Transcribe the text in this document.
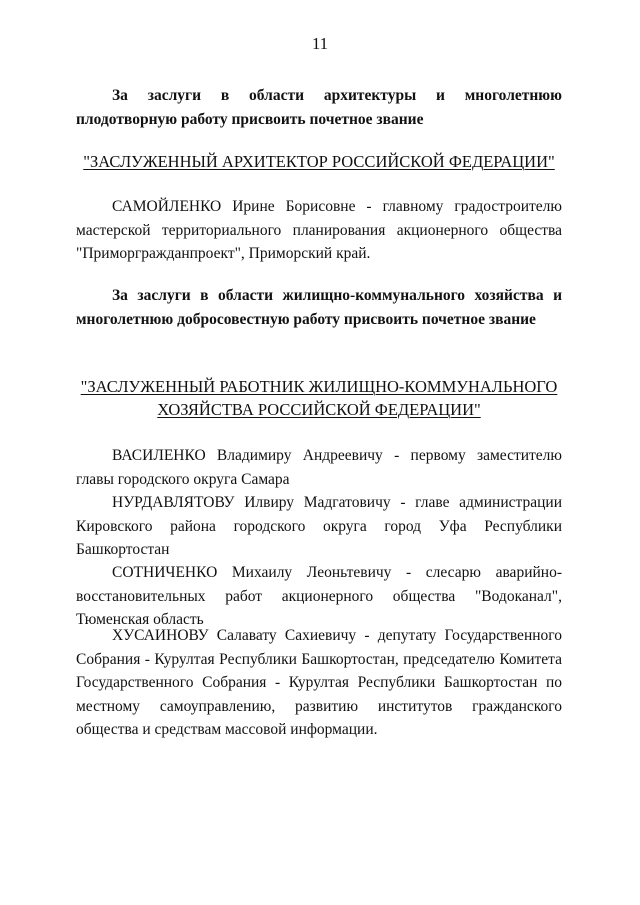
11

За заслуги в области архитектуры и многолетнюю плодотворную работу присвоить почетное звание

"ЗАСЛУЖЕННЫЙ АРХИТЕКТОР РОССИЙСКОЙ ФЕДЕРАЦИИ"

САМОЙЛЕНКО Ирине Борисовне - главному градостроителю мастерской территориального планирования акционерного общества "Приморгражданпроект", Приморский край.

За заслуги в области жилищно-коммунального хозяйства и многолетнюю добросовестную работу присвоить почетное звание

"ЗАСЛУЖЕННЫЙ РАБОТНИК ЖИЛИЩНО-КОММУНАЛЬНОГО
ХОЗЯЙСТВА РОССИЙСКОЙ ФЕДЕРАЦИИ"

ВАСИЛЕНКО Владимиру Андреевичу - первому заместителю главы городского округа Самара

НУРДАВЛЯТОВУ Илвиру Мадгатовичу - главе администрации Кировского района городского округа город Уфа Республики Башкортостан

СОТНИЧЕНКО Михаилу Леоньтевичу - слесарю аварийно-восстановительных работ акционерного общества "Водоканал", Тюменская область

ХУСАИНОВУ Салавату Сахиевичу - депутату Государственного Собрания - Курултая Республики Башкортостан, председателю Комитета Государственного Собрания - Курултая Республики Башкортостан по местному самоуправлению, развитию институтов гражданского общества и средствам массовой информации.
